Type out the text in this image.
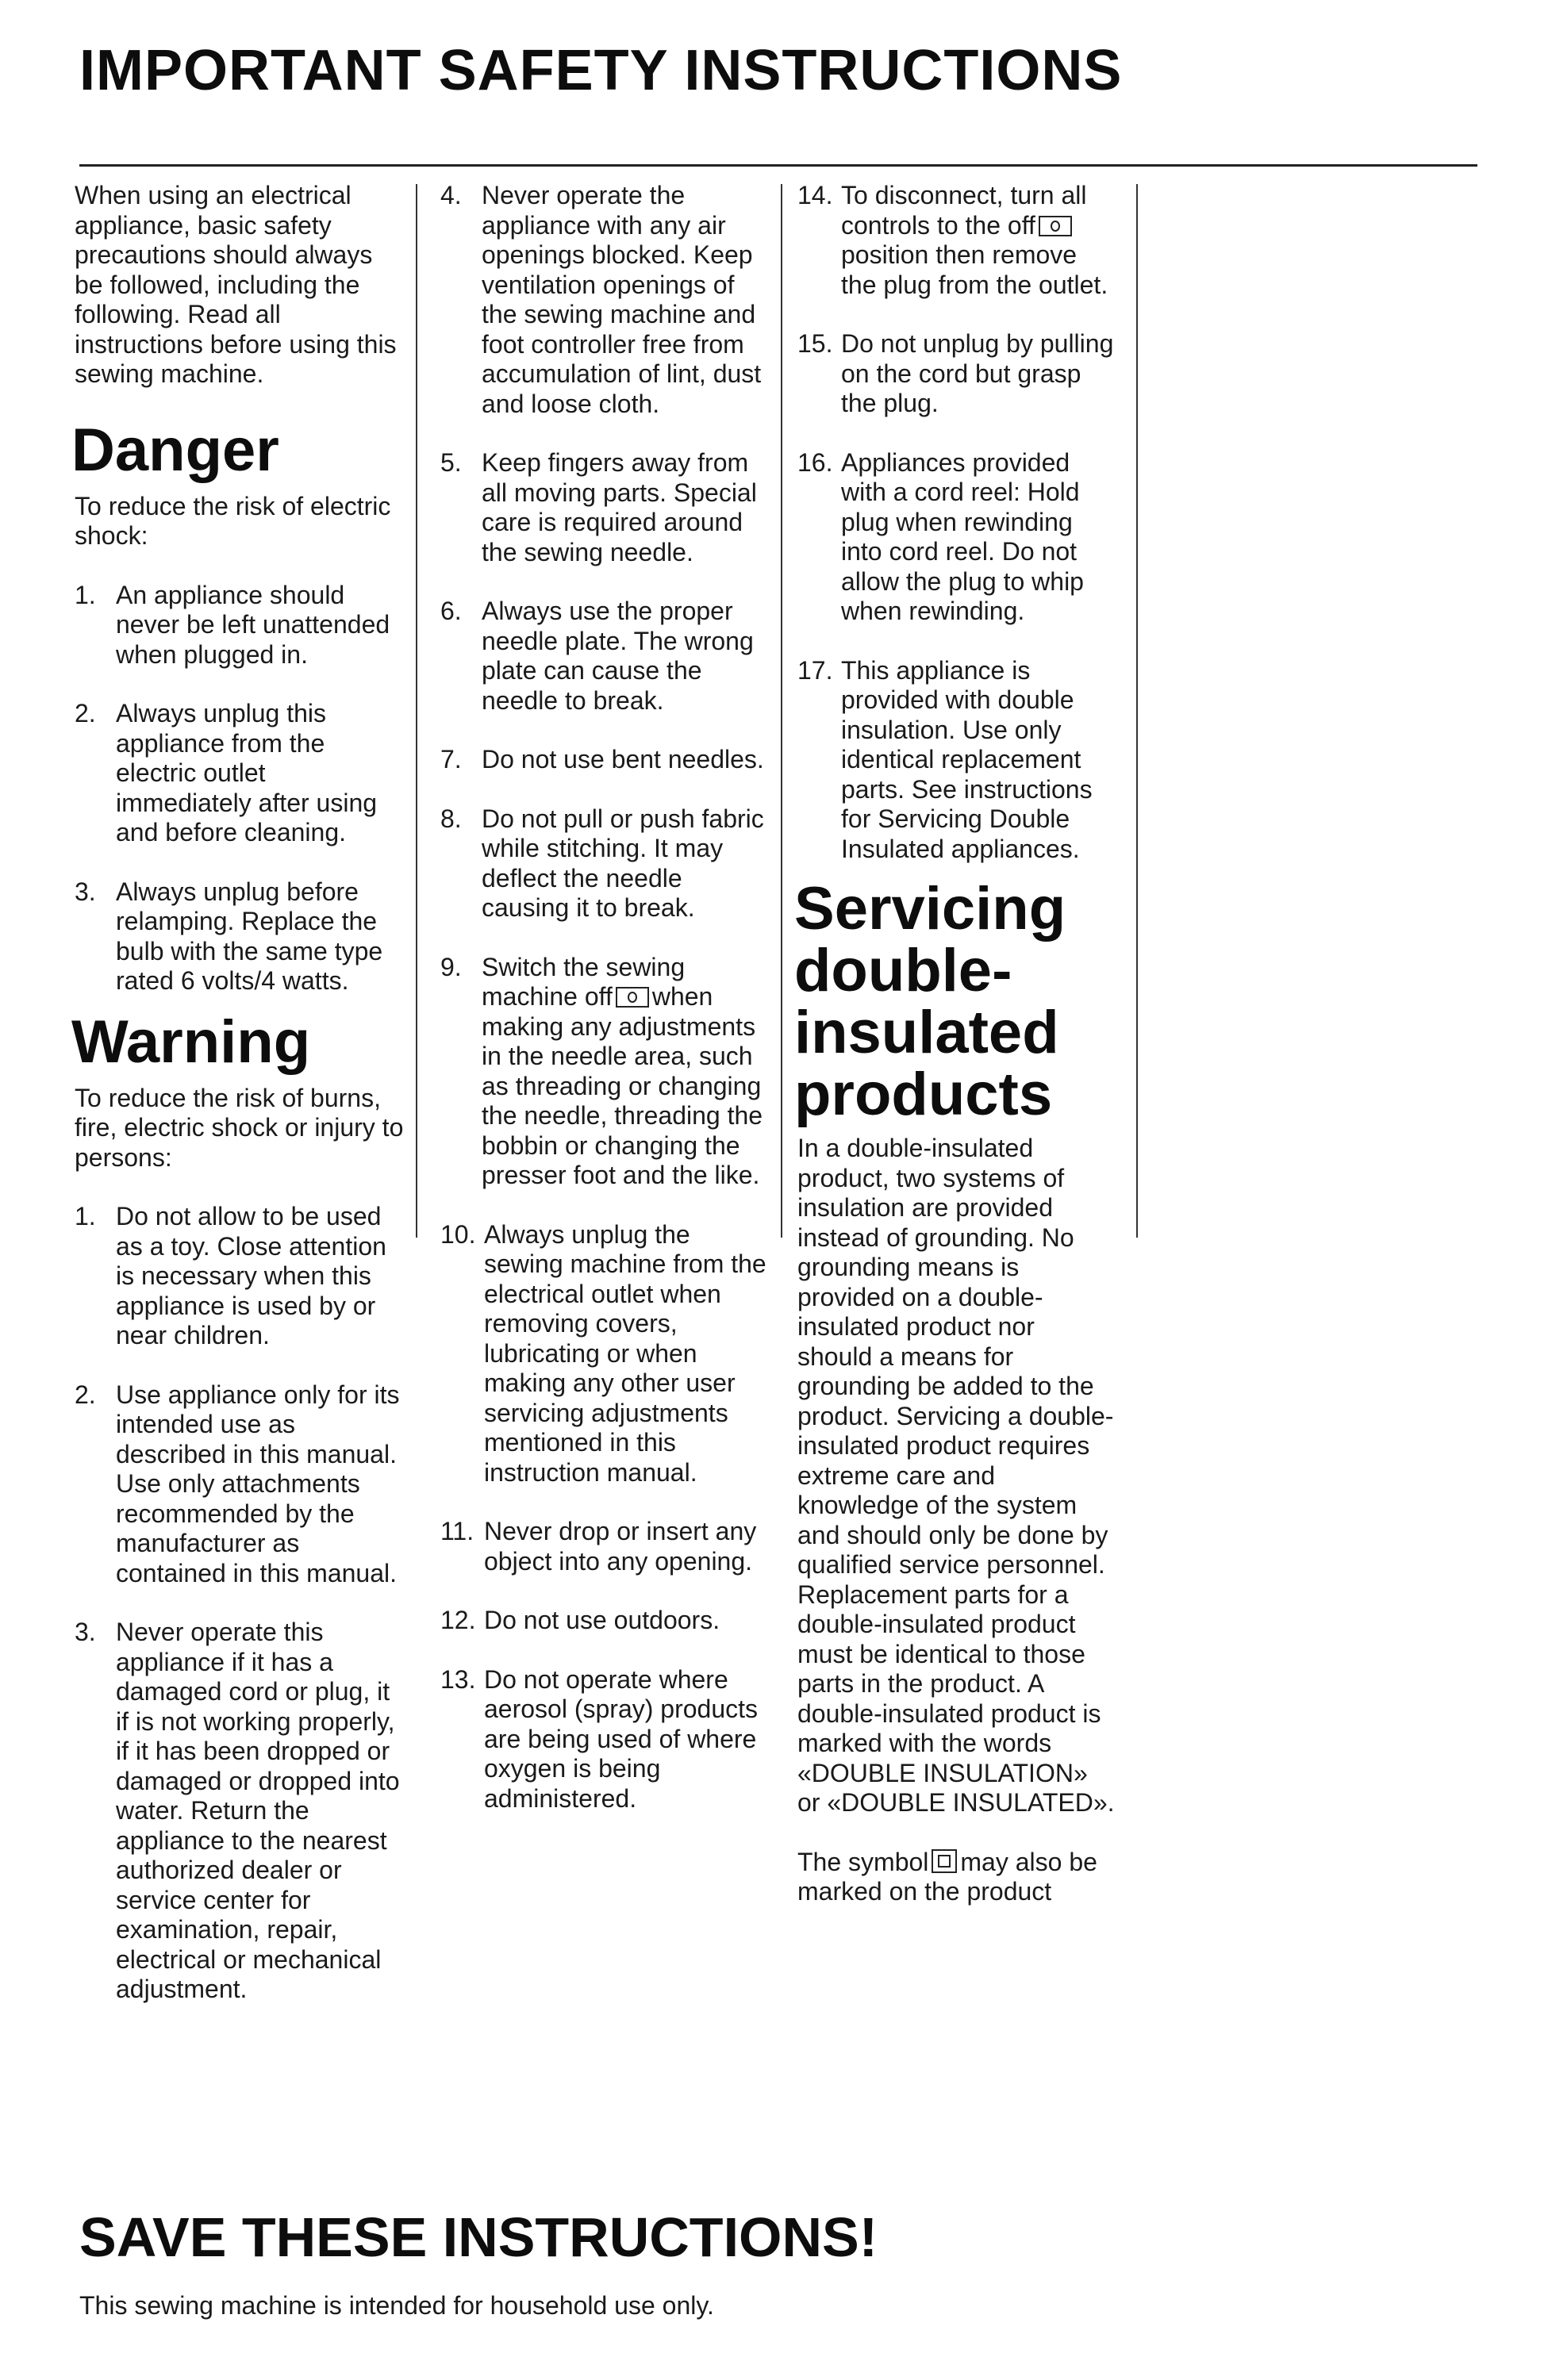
IMPORTANT SAFETY INSTRUCTIONS

When using an electrical appliance, basic safety precautions should always be followed, including the following. Read all instructions before using this sewing machine.

Danger

To reduce the risk of electric shock:

1. An appliance should never be left unattended when plugged in.
2. Always unplug this appliance from the electric outlet immediately after using and before cleaning.
3. Always unplug before relamping. Replace the bulb with the same type rated 6 volts/4 watts.
Warning

To reduce the risk of burns, fire, electric shock or injury to persons:

1. Do not allow to be used as a toy. Close attention is necessary when this appliance is used by or near children.
2. Use appliance only for its intended use as described in this manual. Use only attachments recommended by the manufacturer as contained in this manual.
3. Never operate this appliance if it has a damaged cord or plug, it if is not working properly, if it has been dropped or damaged or dropped into water. Return the appliance to the nearest authorized dealer or service center for examination, repair, electrical or mechanical adjustment.
4. Never operate the appliance with any air openings blocked. Keep ventilation openings of the sewing machine and foot controller free from accumulation of lint, dust and loose cloth.
5. Keep fingers away from all moving parts. Special care is required around the sewing needle.
6. Always use the proper needle plate. The wrong plate can cause the needle to break.
7. Do not use bent needles.
8. Do not pull or push fabric while stitching. It may deflect the needle causing it to break.
9. Switch the sewing machine off when making any adjustments in the needle area, such as threading or changing the needle, threading the bobbin or changing the presser foot and the like.
10. Always unplug the sewing machine from the electrical outlet when removing covers, lubricating or when making any other user servicing adjustments mentioned in this instruction manual.
11. Never drop or insert any object into any opening.
12. Do not use outdoors.
13. Do not operate where aerosol (spray) products are being used of where oxygen is being administered.
14. To disconnect, turn all controls to the offposition then remove the plug from the outlet.
15. Do not unplug by pulling on the cord but grasp the plug.
16. Appliances provided with a cord reel: Hold plug when rewinding into cord reel. Do not allow the plug to whip when rewinding.
17. This appliance is provided with double insulation. Use only identical replacement parts. See instructions for Servicing Double Insulated appliances.
Servicing
double-
insulated
products

In a double-insulated product, two systems of insulation are provided instead of grounding. No grounding means is provided on a double-insulated product nor should a means for grounding be added to the product. Servicing a double-insulated product requires extreme care and knowledge of the system and should only be done by qualified service personnel. Replacement parts for a double-insulated product must be identical to those parts in the product. A double-insulated product is marked with the words «DOUBLE INSULATION» or «DOUBLE INSULATED».

The symbol may also be marked on the product

SAVE THESE INSTRUCTIONS!

This sewing machine is intended for household use only.
